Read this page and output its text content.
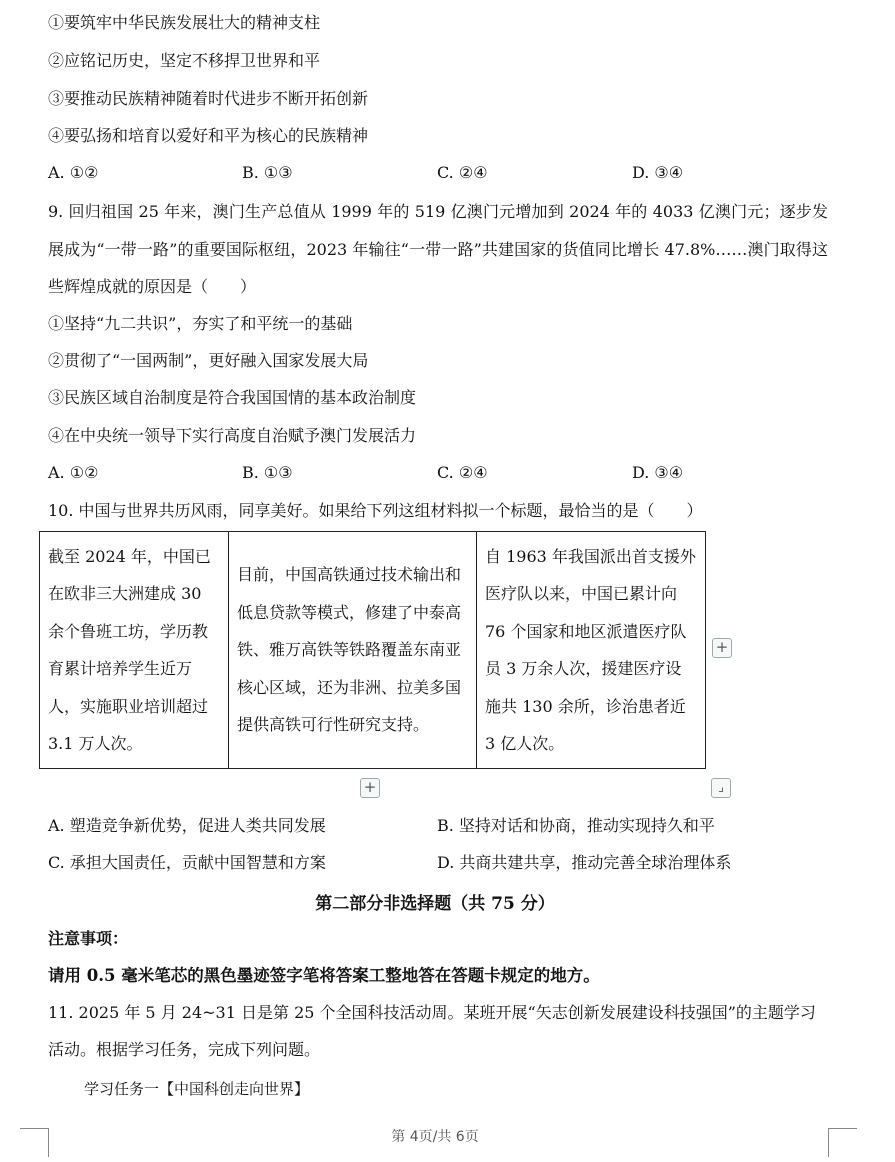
①要筑牢中华民族发展壮大的精神支柱
②应铭记历史，坚定不移捍卫世界和平
③要推动民族精神随着时代进步不断开拓创新
④要弘扬和培育以爱好和平为核心的民族精神
A. ①②	B. ①③	C. ②④	D. ③④
9. 回归祖国 25 年来，澳门生产总值从 1999 年的 519 亿澳门元增加到 2024 年的 4033 亿澳门元；逐步发展成为“一带一路”的重要国际枢纽，2023 年输往“一带一路”共建国家的货值同比增长 47.8%……澳门取得这些辉煌成就的原因是（　　）
①坚持“九二共识”，夯实了和平统一的基础
②贯彻了“一国两制”，更好融入国家发展大局
③民族区域自治制度是符合我国国情的基本政治制度
④在中央统一领导下实行高度自治赋予澳门发展活力
A. ①②	B. ①③	C. ②④	D. ③④
10. 中国与世界共历风雨，同享美好。如果给下列这组材料拟一个标题，最恰当的是（　　）
截至 2024 年，中国已在欧非三大洲建成 30 余个鲁班工坊，学历教育累计培养学生近万人，实施职业培训超过 3.1 万人次。	目前，中国高铁通过技术输出和低息贷款等模式，修建了中泰高铁、雅万高铁等铁路覆盖东南亚核心区域，还为非洲、拉美多国提供高铁可行性研究支持。	自 1963 年我国派出首支援外医疗队以来，中国已累计向 76 个国家和地区派遣医疗队员 3 万余人次，援建医疗设施共 130 余所，诊治患者近 3 亿人次。
+
+	⌟
A. 塑造竞争新优势，促进人类共同发展	B. 坚持对话和协商，推动实现持久和平
C. 承担大国责任，贡献中国智慧和方案	D. 共商共建共享，推动完善全球治理体系
第二部分非选择题（共 75 分）
注意事项：
请用 0.5 毫米笔芯的黑色墨迹签字笔将答案工整地答在答题卡规定的地方。
11. 2025 年 5 月 24~31 日是第 25 个全国科技活动周。某班开展“矢志创新发展建设科技强国”的主题学习
活动。根据学习任务，完成下列问题。
学习任务一【中国科创走向世界】
第 4页/共 6页
